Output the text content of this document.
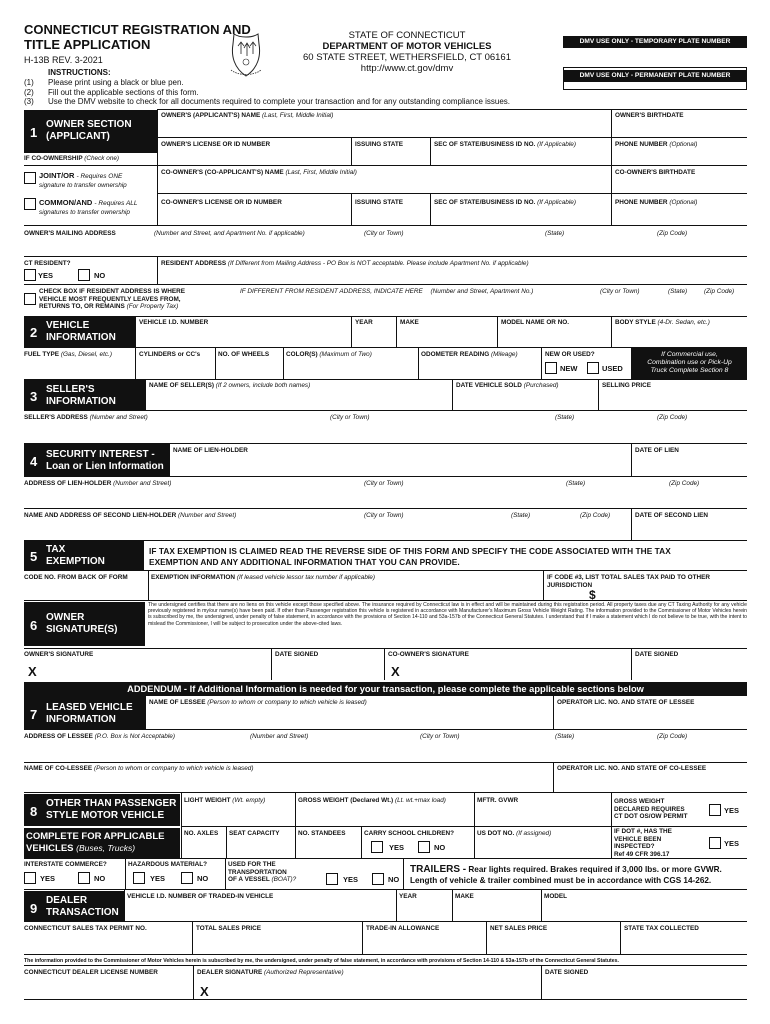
CONNECTICUT REGISTRATION AND
TITLE APPLICATION
H-13B REV. 3-2021
INSTRUCTIONS:
(1) Please print using a black or blue pen.
(2) Fill out the applicable sections of this form.
(3) Use the DMV website to check for all documents required to complete your transaction and for any outstanding compliance issues.
STATE OF CONNECTICUT
DEPARTMENT OF MOTOR VEHICLES
60 STATE STREET, WETHERSFIELD, CT 06161
http://www.ct.gov/dmv
DMV USE ONLY - TEMPORARY PLATE NUMBER
DMV USE ONLY - PERMANENT PLATE NUMBER
1
OWNER SECTION
(APPLICANT)
OWNER'S (APPLICANT'S) NAME (Last, First, Middle Initial)	OWNER'S BIRTHDATE
OWNER'S LICENSE OR ID NUMBER	ISSUING STATE	SEC OF STATE/BUSINESS ID NO. (If Applicable)	PHONE NUMBER (Optional)
IF CO-OWNERSHIP (Check one)
JOINT/OR - Requires ONE
signature to transfer ownership
COMMON/AND - Requires ALL
signatures to transfer ownership
CO-OWNER'S (CO-APPLICANT'S) NAME (Last, First, Middle Initial)	CO-OWNER'S BIRTHDATE
CO-OWNER'S LICENSE OR ID NUMBER	ISSUING STATE	SEC OF STATE/BUSINESS ID NO. (If Applicable)	PHONE NUMBER (Optional)
OWNER'S MAILING ADDRESS	(Number and Street, and Apartment No. if applicable)	(City or Town)	(State)	(Zip Code)
CT RESIDENT?
YES	NO
RESIDENT ADDRESS (If Different from Mailing Address - PO Box is NOT acceptable. Please include Apartment No. if applicable)
CHECK BOX IF RESIDENT ADDRESS IS WHERE
VEHICLE MOST FREQUENTLY LEAVES FROM,
RETURNS TO, OR REMAINS (For Property Tax)
IF DIFFERENT FROM RESIDENT ADDRESS, INDICATE HERE (Number and Street, Apartment No.)	(City or Town)	(State)	(Zip Code)
2 VEHICLE
INFORMATION
VEHICLE I.D. NUMBER	YEAR	MAKE	MODEL NAME OR NO.	BODY STYLE (4-Dr. Sedan, etc.)
FUEL TYPE (Gas, Diesel, etc.)	CYLINDERS or CC's	NO. OF WHEELS	COLOR(S) (Maximum of Two)	ODOMETER READING (Mileage)	NEW OR USED?
NEW	USED
If Commercial use,
Combination use or Pick-Up
Truck Complete Section 8
3 SELLER'S
INFORMATION
NAME OF SELLER(S) (If 2 owners, include both names)	DATE VEHICLE SOLD (Purchased)	SELLING PRICE
SELLER'S ADDRESS (Number and Street)	(City or Town)	(State)	(Zip Code)
4 SECURITY INTEREST -
Loan or Lien Information
NAME OF LIEN-HOLDER	DATE OF LIEN
ADDRESS OF LIEN-HOLDER (Number and Street)	(City or Town)	(State)	(Zip Code)
NAME AND ADDRESS OF SECOND LIEN-HOLDER (Number and Street)	(City or Town)	(State)	(Zip Code)	DATE OF SECOND LIEN
5 TAX
EXEMPTION
IF TAX EXEMPTION IS CLAIMED READ THE REVERSE SIDE OF THIS FORM AND SPECIFY THE CODE ASSOCIATED WITH THE TAX
EXEMPTION AND ANY ADDITIONAL INFORMATION THAT YOU CAN PROVIDE.
CODE NO. FROM BACK OF FORM	EXEMPTION INFORMATION (If leased vehicle lessor tax number if applicable)	IF CODE #3, LIST TOTAL SALES TAX PAID TO OTHER
JURISDICTION
$
6
OWNER
SIGNATURE(S)
The undersigned certifies that there are no liens on this vehicle except those specified above. The insurance required by Connecticut law is in effect and will be maintained during this registration period. All property taxes due any CT Taxing Authority for any vehicle previously registered in my/our name(s) have been paid. If other than Passenger registration this vehicle is registered in accordance with Manufacturer's Maximum Gross Vehicle Weight Rating. The information provided to the Commissioner of Motor Vehicles herein is subscribed by me, the undersigned, under penalty of false statement, in accordance with the provisions of Section 14-110 and 53a-157b of the Connecticut General Statutes. I understand that if I make a statement which I do not believe to be true, with the intent to mislead the Commissioner, I will be subject to prosecution under the above-cited laws.
OWNER'S SIGNATURE	DATE SIGNED	CO-OWNER'S SIGNATURE	DATE SIGNED
X	X
ADDENDUM - If Additional Information is needed for your transaction, please complete the applicable sections below
7 LEASED VEHICLE
INFORMATION
NAME OF LESSEE (Person to whom or company to which vehicle is leased)	OPERATOR LIC. NO. AND STATE OF LESSEE
ADDRESS OF LESSEE (P.O. Box is Not Acceptable)	(Number and Street)	(City or Town)	(State)	(Zip Code)
NAME OF CO-LESSEE (Person to whom or company to which vehicle is leased)	OPERATOR LIC. NO. AND STATE OF CO-LESSEE
8
OTHER THAN PASSENGER
STYLE MOTOR VEHICLE
COMPLETE FOR APPLICABLE
VEHICLES (Buses, Trucks)
LIGHT WEIGHT (Wt. empty)	GROSS WEIGHT (Declared Wt.) (Lt. wt.+max load)	MFTR. GVWR	GROSS WEIGHT
DECLARED REQUIRES
CT DOT OS/OW PERMIT
YES
NO. AXLES SEAT CAPACITY	NO. STANDEES	CARRY SCHOOL CHILDREN?
YES	NO
US DOT NO. (If assigned)	IF DOT #, HAS THE
VEHICLE BEEN
INSPECTED?
Ref 49 CFR 396.17
YES
INTERSTATE COMMERCE?
YES	NO
HAZARDOUS MATERIAL?
YES	NO
USED FOR THE
TRANSPORTATION
OF A VESSEL (BOAT)?	YES	NO
TRAILERS - Rear lights required. Brakes required if 3,000 lbs. or more GVWR.
Length of vehicle & trailer combined must be in accordance with CGS 14-262.
9
DEALER
TRANSACTION
VEHICLE I.D. NUMBER OF TRADED-IN VEHICLE	YEAR	MAKE	MODEL
CONNECTICUT SALES TAX PERMIT NO.	TOTAL SALES PRICE	TRADE-IN ALLOWANCE	NET SALES PRICE	STATE TAX COLLECTED
The information provided to the Commissioner of Motor Vehicles herein is subscribed by me, the undersigned, under penalty of false statement, in accordance with provisions of Section 14-110 & 53a-157b of the Connecticut General Statutes.
CONNECTICUT DEALER LICENSE NUMBER	DEALER SIGNATURE (Authorized Representative)	DATE SIGNED
X
